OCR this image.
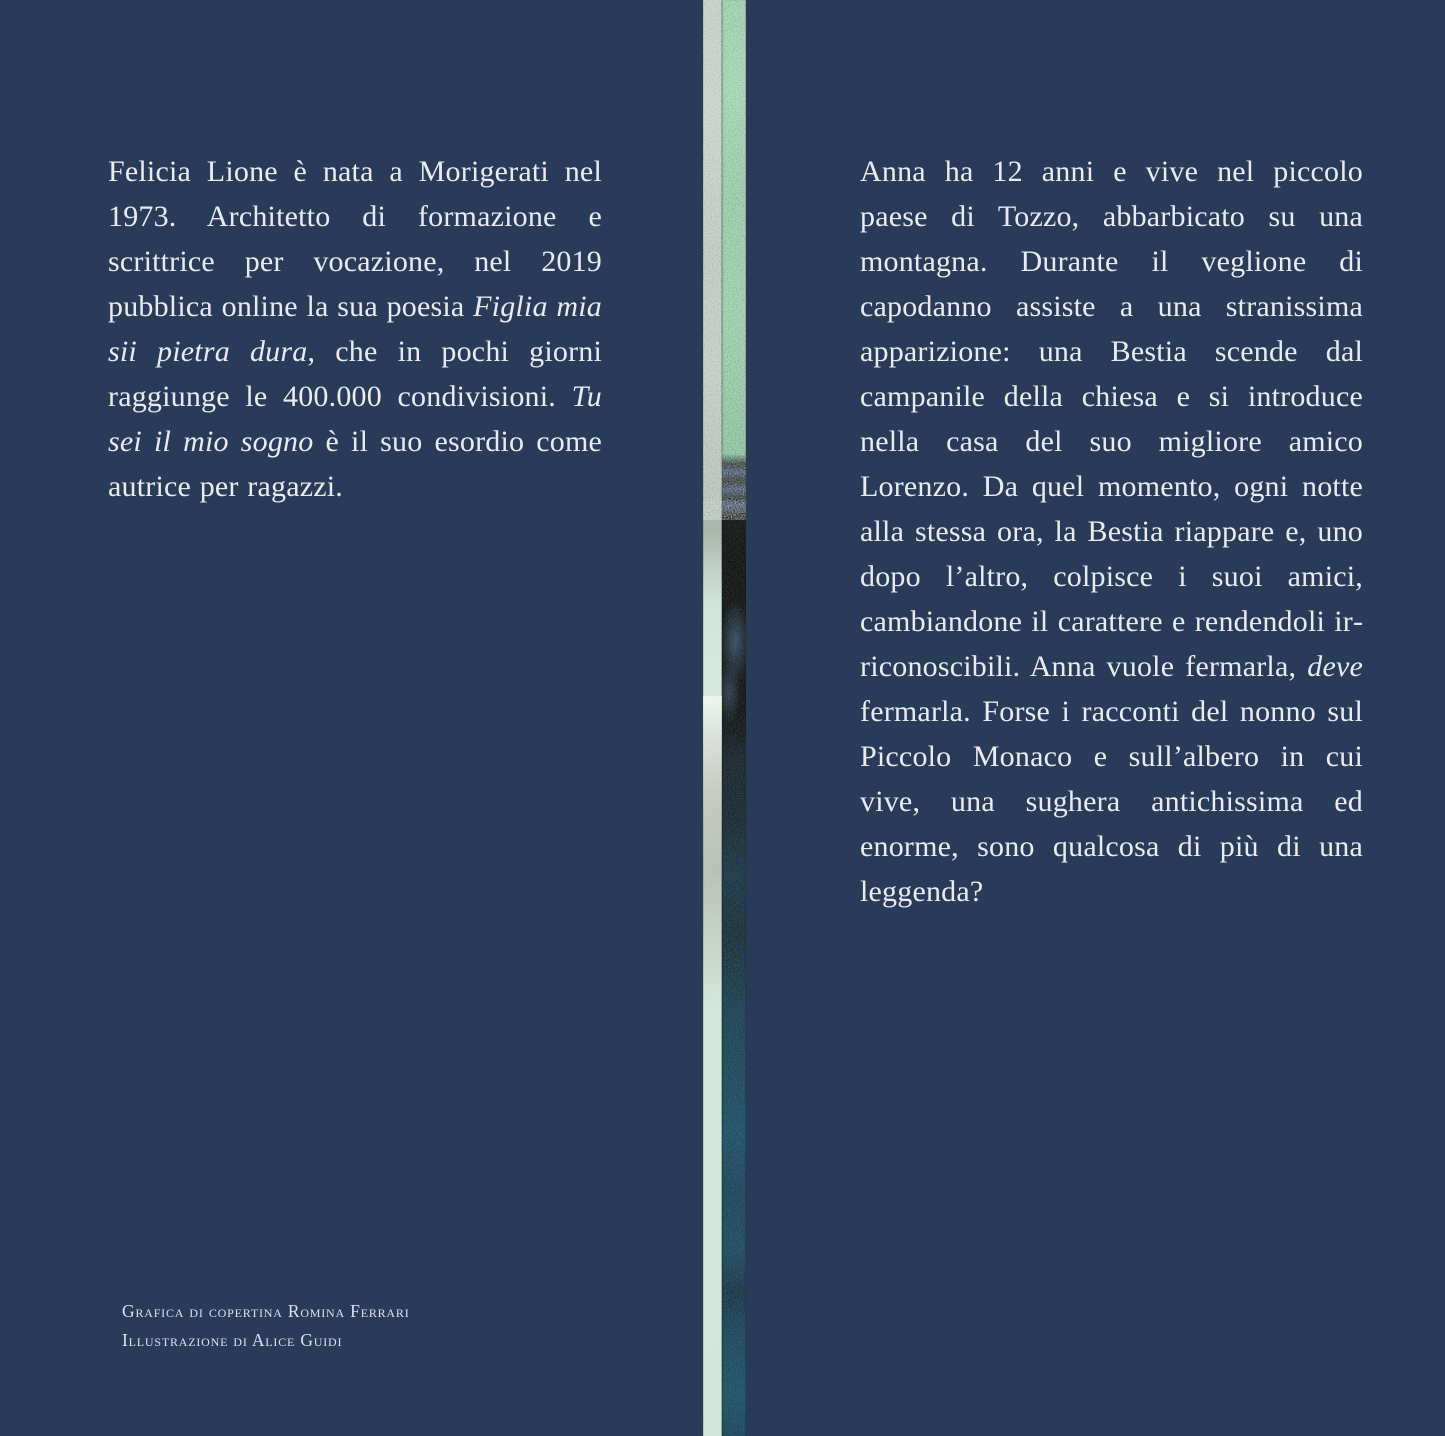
Felicia Lione è nata a Morigerati nel 1973. Architetto di formazione e scrittrice per vocazione, nel 2019 pubblica online la sua poesia Figlia mia sii pietra dura, che in pochi giorni raggiunge le 400.000 condivisioni. Tu sei il mio sogno è il suo esordio come autrice per ragazzi.
Anna ha 12 anni e vive nel piccolo paese di Tozzo, abbarbicato su una montagna. Durante il veglione di capodanno assiste a una stranissima apparizione: una Bestia scende dal campanile della chiesa e si introduce nella casa del suo migliore amico Lorenzo. Da quel momento, ogni notte alla stessa ora, la Bestia riappare e, uno dopo l’altro, colpisce i suoi amici, cambiandone il carattere e rendendoli irriconoscibili. Anna vuole fermarla, deve fermarla. Forse i racconti del nonno sul Piccolo Monaco e sull’albero in cui vive, una sughera antichissima ed enorme, sono qualcosa di più di una leggenda?
Grafica di copertina Romina Ferrari
Illustrazione di Alice Guidi
